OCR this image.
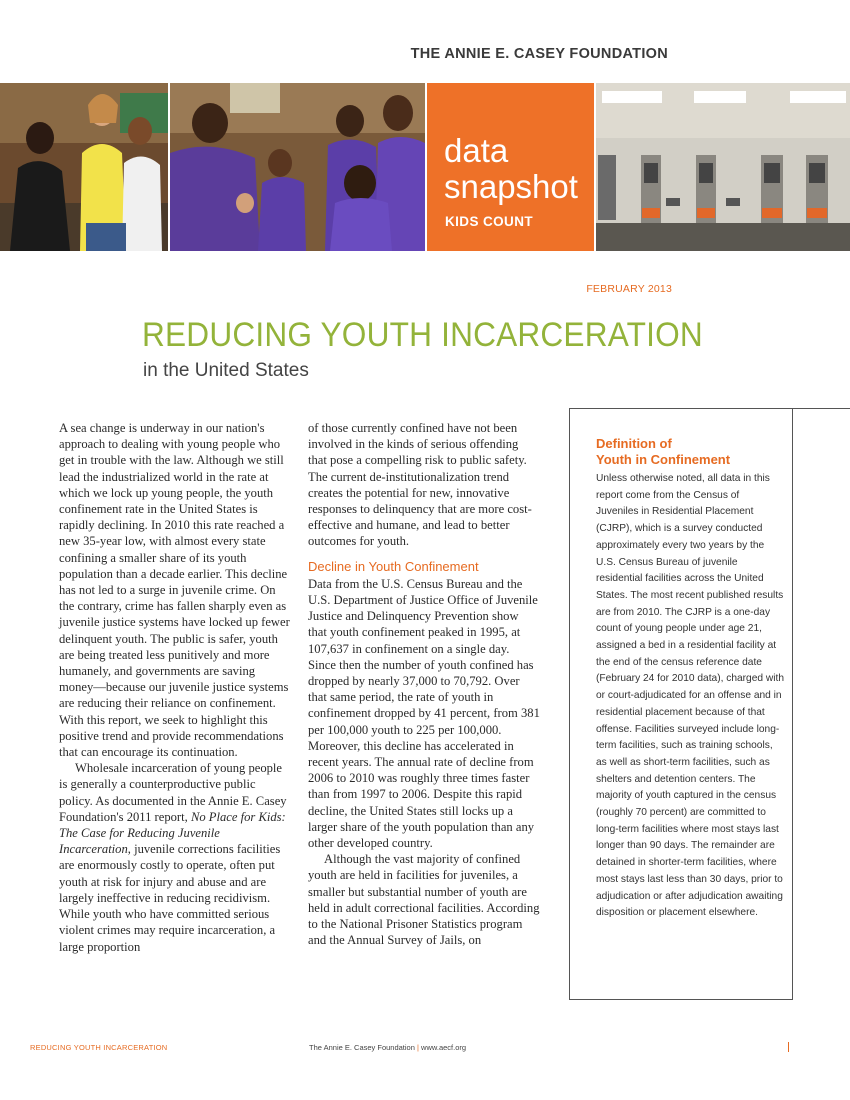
THE ANNIE E. CASEY FOUNDATION
data
snapshot
KIDS COUNT
FEBRUARY 2013
REDUCING YOUTH INCARCERATION
in the United States

A sea change is underway in our nation's approach to dealing with young people who get in trouble with the law. Although we still lead the industrialized world in the rate at which we lock up young people, the youth confinement rate in the United States is rapidly declining. In 2010 this rate reached a new 35-year low, with almost every state confining a smaller share of its youth population than a decade earlier. This decline has not led to a surge in juvenile crime. On the contrary, crime has fallen sharply even as juvenile justice systems have locked up fewer delinquent youth. The public is safer, youth are being treated less punitively and more humanely, and governments are saving money—because our juvenile justice systems are reducing their reliance on confinement. With this report, we seek to highlight this positive trend and provide recommendations that can encourage its continuation.

Wholesale incarceration of young people is generally a counterproductive public policy. As documented in the Annie E. Casey Foundation's 2011 report, No Place for Kids: The Case for Reducing Juvenile Incarceration, juvenile corrections facilities are enormously costly to operate, often put youth at risk for injury and abuse and are largely ineffective in reducing recidivism. While youth who have committed serious violent crimes may require incarceration, a large proportion

of those currently confined have not been involved in the kinds of serious offending that pose a compelling risk to public safety. The current de-institutionalization trend creates the potential for new, innovative responses to delinquency that are more cost-effective and humane, and lead to better outcomes for youth.

Decline in Youth Confinement

Data from the U.S. Census Bureau and the U.S. Department of Justice Office of Juvenile Justice and Delinquency Prevention show that youth confinement peaked in 1995, at 107,637 in confinement on a single day. Since then the number of youth confined has dropped by nearly 37,000 to 70,792. Over that same period, the rate of youth in confinement dropped by 41 percent, from 381 per 100,000 youth to 225 per 100,000. Moreover, this decline has accelerated in recent years. The annual rate of decline from 2006 to 2010 was roughly three times faster than from 1997 to 2006. Despite this rapid decline, the United States still locks up a larger share of the youth population than any other developed country.

Although the vast majority of confined youth are held in facilities for juveniles, a smaller but substantial number of youth are held in adult correctional facilities. According to the National Prisoner Statistics program and the Annual Survey of Jails, on

Definition of
Youth in Confinement
Unless otherwise noted, all data in this report come from the Census of Juveniles in Residential Placement (CJRP), which is a survey conducted approximately every two years by the U.S. Census Bureau of juvenile residential facilities across the United States. The most recent published results are from 2010. The CJRP is a one-day count of young people under age 21, assigned a bed in a residential facility at the end of the census reference date (February 24 for 2010 data), charged with or court-adjudicated for an offense and in residential placement because of that offense. Facilities surveyed include long-term facilities, such as training schools, as well as short-term facilities, such as shelters and detention centers. The majority of youth captured in the census (roughly 70 percent) are committed to long-term facilities where most stays last longer than 90 days. The remainder are detained in shorter-term facilities, where most stays last less than 30 days, prior to adjudication or after adjudication awaiting disposition or placement elsewhere.
REDUCING YOUTH INCARCERATION	The Annie E. Casey Foundation | www.aecf.org
